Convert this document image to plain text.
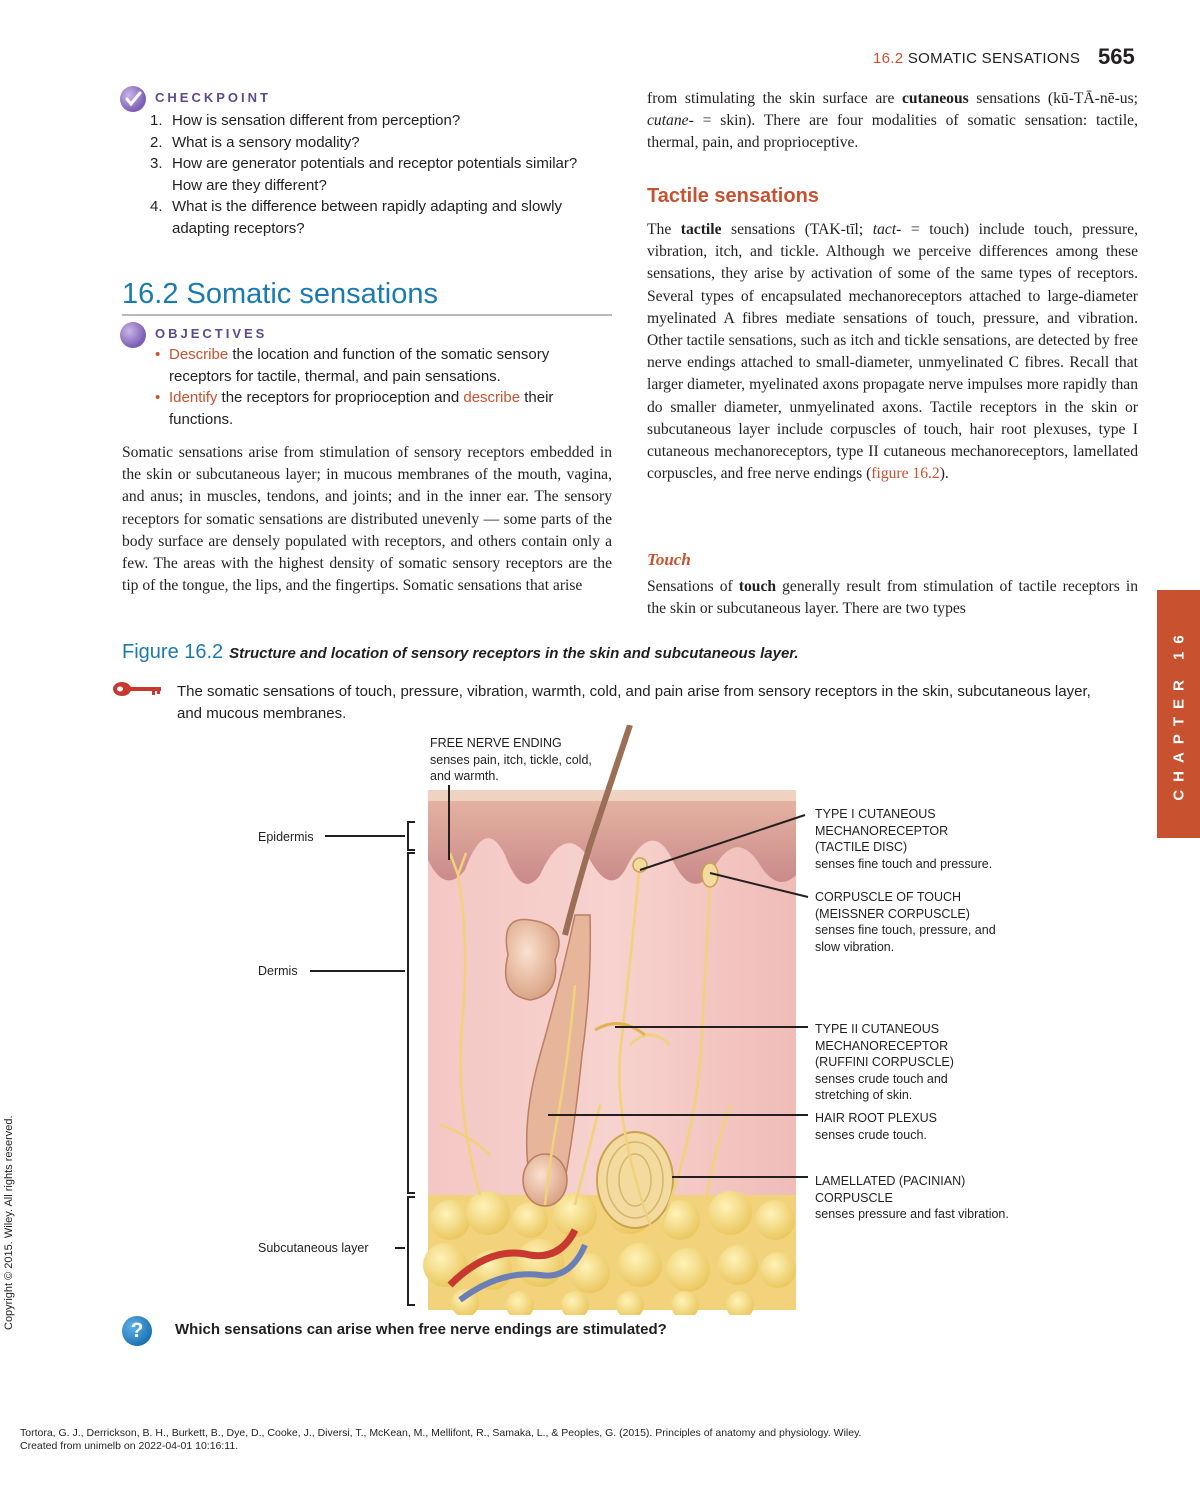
16.2 SOMATIC SENSATIONS 565
CHAPTER 16
CHECKPOINT
1. How is sensation different from perception?
2. What is a sensory modality?
3. How are generator potentials and receptor potentials similar? How are they different?
4. What is the difference between rapidly adapting and slowly adapting receptors?
16.2 Somatic sensations
OBJECTIVES
• Describe the location and function of the somatic sensory receptors for tactile, thermal, and pain sensations.
• Identify the receptors for proprioception and describe their functions.
Somatic sensations arise from stimulation of sensory receptors embedded in the skin or subcutaneous layer; in mucous membranes of the mouth, vagina, and anus; in muscles, tendons, and joints; and in the inner ear. The sensory receptors for somatic sensations are distributed unevenly — some parts of the body surface are densely populated with receptors, and others contain only a few. The areas with the highest density of somatic sensory receptors are the tip of the tongue, the lips, and the fingertips. Somatic sensations that arise
from stimulating the skin surface are cutaneous sensations (kū-TĀ-nē-us; cutane- = skin). There are four modalities of somatic sensation: tactile, thermal, pain, and proprioceptive.
Tactile sensations
The tactile sensations (TAK-tīl; tact- = touch) include touch, pressure, vibration, itch, and tickle. Although we perceive differences among these sensations, they arise by activation of some of the same types of receptors. Several types of encapsulated mechanoreceptors attached to large-diameter myelinated A fibres mediate sensations of touch, pressure, and vibration. Other tactile sensations, such as itch and tickle sensations, are detected by free nerve endings attached to small-diameter, unmyelinated C fibres. Recall that larger diameter, myelinated axons propagate nerve impulses more rapidly than do smaller diameter, unmyelinated axons. Tactile receptors in the skin or subcutaneous layer include corpuscles of touch, hair root plexuses, type I cutaneous mechanoreceptors, type II cutaneous mechanoreceptors, lamellated corpuscles, and free nerve endings (figure 16.2).
Touch
Sensations of touch generally result from stimulation of tactile receptors in the skin or subcutaneous layer. There are two types
Figure 16.2 Structure and location of sensory receptors in the skin and subcutaneous layer.
The somatic sensations of touch, pressure, vibration, warmth, cold, and pain arise from sensory receptors in the skin, subcutaneous layer, and mucous membranes.
Epidermis
Dermis
Subcutaneous layer
FREE NERVE ENDING
senses pain, itch, tickle, cold, and warmth.
TYPE I CUTANEOUS MECHANORECEPTOR (TACTILE DISC)
senses fine touch and pressure.
CORPUSCLE OF TOUCH (MEISSNER CORPUSCLE)
senses fine touch, pressure, and slow vibration.
TYPE II CUTANEOUS MECHANORECEPTOR (RUFFINI CORPUSCLE)
senses crude touch and stretching of skin.
HAIR ROOT PLEXUS
senses crude touch.
LAMELLATED (PACINIAN) CORPUSCLE
senses pressure and fast vibration.
?	Which sensations can arise when free nerve endings are stimulated?
Copyright © 2015. Wiley. All rights reserved.
Tortora, G. J., Derrickson, B. H., Burkett, B., Dye, D., Cooke, J., Diversi, T., McKean, M., Mellifont, R., Samaka, L., & Peoples, G. (2015). Principles of anatomy and physiology. Wiley.
Created from unimelb on 2022-04-01 10:16:11.
